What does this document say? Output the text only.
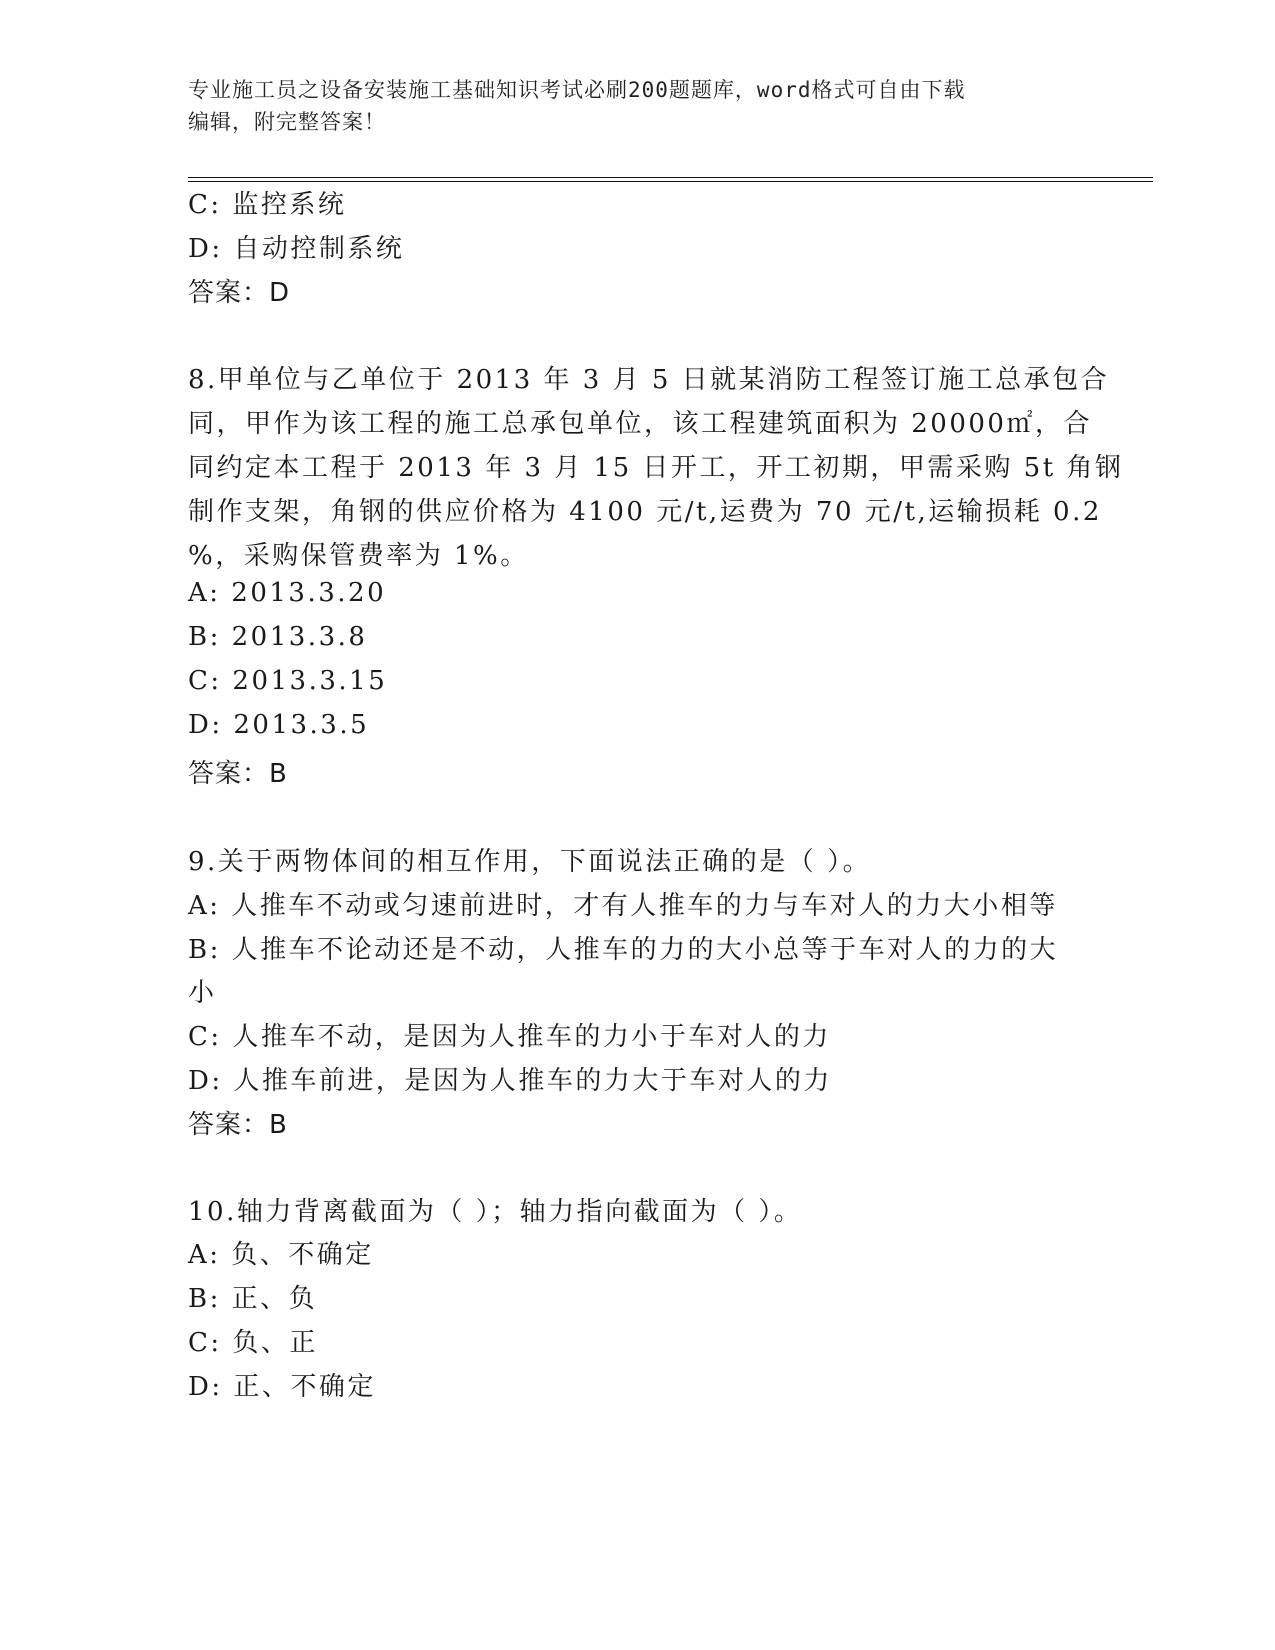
专业施工员之设备安装施工基础知识考试必刷200题题库，word格式可自由下载
编辑，附完整答案！
C: 监控系统
D: 自动控制系统
答案：D
8.甲单位与乙单位于 2013 年 3 月 5 日就某消防工程签订施工总承包合
同，甲作为该工程的施工总承包单位，该工程建筑面积为 20000㎡，合
同约定本工程于 2013 年 3 月 15 日开工，开工初期，甲需采购 5t 角钢
制作支架，角钢的供应价格为 4100 元/t,运费为 70 元/t,运输损耗 0.2
%，采购保管费率为 1%。
A: 2013.3.20
B: 2013.3.8
C: 2013.3.15
D: 2013.3.5
答案：B
9.关于两物体间的相互作用，下面说法正确的是（ ）。
A: 人推车不动或匀速前进时，才有人推车的力与车对人的力大小相等
B: 人推车不论动还是不动，人推车的力的大小总等于车对人的力的大
小
C: 人推车不动，是因为人推车的力小于车对人的力
D: 人推车前进，是因为人推车的力大于车对人的力
答案：B
10.轴力背离截面为（ ）；轴力指向截面为（ ）。
A: 负、不确定
B: 正、负
C: 负、正
D: 正、不确定
